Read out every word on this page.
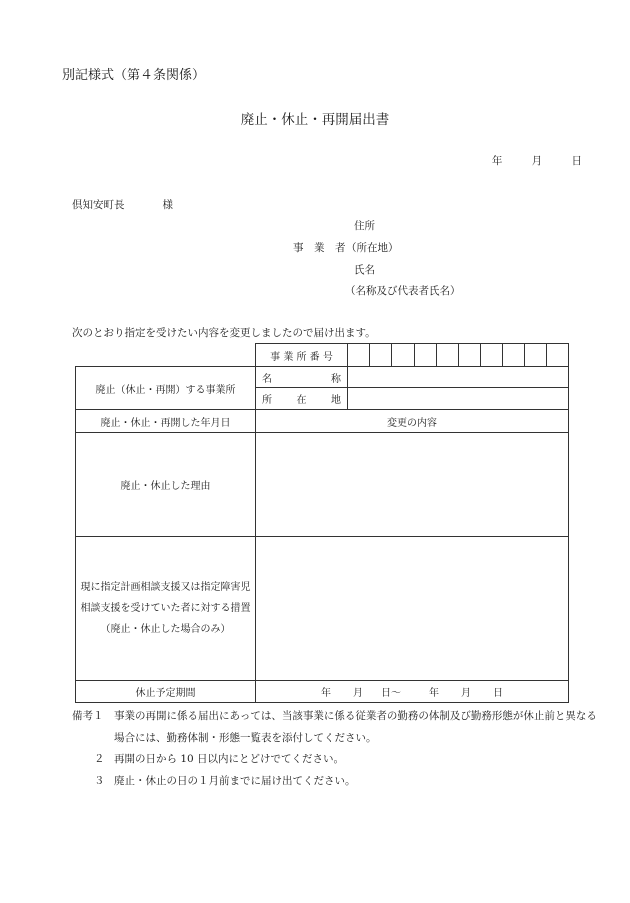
別記様式（第４条関係）
廃止・休止・再開届出書
年	月	日
倶知安町長	様
住所
事　業　者 （所在地）
氏名
（名称及び代表者氏名）
次のとおり指定を受けたい内容を変更しましたので届け出ます。
	事 業 所 番 号										
廃止（休止・再開）する事業所	名 称										

	所 在 地										

廃止・休止・再開した年月日	変更の内容										
廃止・休止した理由											

現に指定計画相談支援又は指定障害児
相談支援を受けていた者に対する措置
（廃止・休止した場合のみ）											

休止予定期間	年 月 日～ 年 月 日										
備考１	事業の再開に係る届出にあっては、当該事業に係る従業者の勤務の体制及び勤務形態が休止前と異なる
場合には、勤務体制・形態一覧表を添付してください。
２ 再開の日から 10 日以内にとどけでてください。
３ 廃止・休止の日の１月前までに届け出てください。
